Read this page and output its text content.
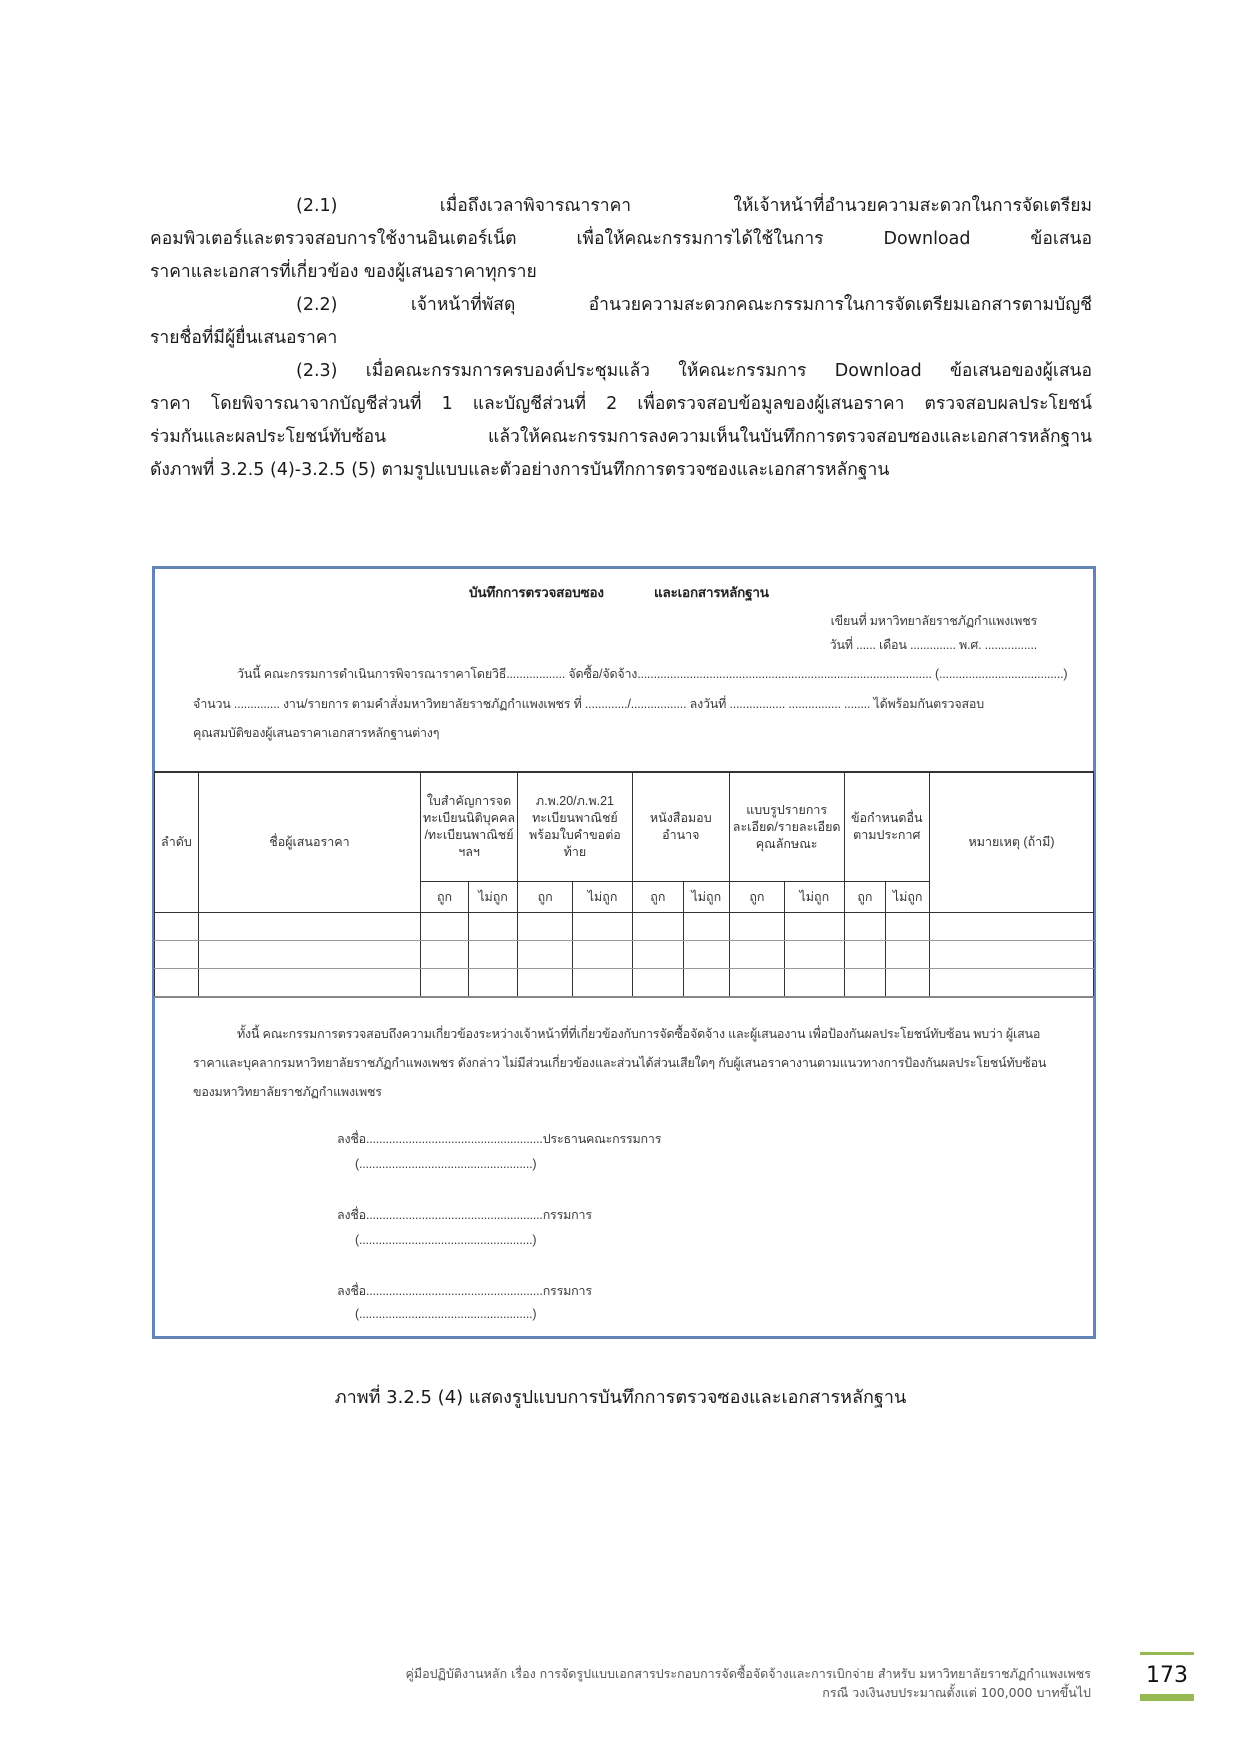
(2.1) เมื่อถึงเวลาพิจารณาราคา ให้เจ้าหน้าที่อำนวยความสะดวกในการจัดเตรียม
คอมพิวเตอร์และตรวจสอบการใช้งานอินเตอร์เน็ต เพื่อให้คณะกรรมการได้ใช้ในการ Download ข้อเสนอ
ราคาและเอกสารที่เกี่ยวข้อง ของผู้เสนอราคาทุกราย
(2.2) เจ้าหน้าที่พัสดุ อำนวยความสะดวกคณะกรรมการในการจัดเตรียมเอกสารตามบัญชี
รายชื่อที่มีผู้ยื่นเสนอราคา
(2.3) เมื่อคณะกรรมการครบองค์ประชุมแล้ว ให้คณะกรรมการ Download ข้อเสนอของผู้เสนอ
ราคา โดยพิจารณาจากบัญชีส่วนที่ 1 และบัญชีส่วนที่ 2 เพื่อตรวจสอบข้อมูลของผู้เสนอราคา ตรวจสอบผลประโยชน์
ร่วมกันและผลประโยชน์ทับซ้อน แล้วให้คณะกรรมการลงความเห็นในบันทึกการตรวจสอบซองและเอกสารหลักฐาน
ดังภาพที่ 3.2.5 (4)-3.2.5 (5) ตามรูปแบบและตัวอย่างการบันทึกการตรวจซองและเอกสารหลักฐาน
บันทึกการตรวจสอบซอง	และเอกสารหลักฐาน
เขียนที่ มหาวิทยาลัยราชภัฏกำแพงเพชร
วันที่ ...... เดือน .............. พ.ศ. ................
วันนี้ คณะกรรมการดำเนินการพิจารณาราคาโดยวิธี.................. จัดซื้อ/จัดจ้าง.......................................................................................... (......................................)
จำนวน .............. งาน/รายการ ตามคำสั่งมหาวิทยาลัยราชภัฏกำแพงเพชร ที่ ............./................. ลงวันที่ ................. ................ ........ ได้พร้อมกันตรวจสอบ
คุณสมบัติของผู้เสนอราคาเอกสารหลักฐานต่างๆ
ลำดับ	ชื่อผู้เสนอราคา	ใบสำคัญการจด ทะเบียนนิติบุคคล /ทะเบียนพาณิชย์ ฯลฯ		ภ.พ.20/ภ.พ.21 ทะเบียนพาณิชย์ พร้อมใบคำขอต่อท้าย		หนังสือมอบ อำนาจ		แบบรูปรายการ ละเอียด/รายละเอียด คุณลักษณะ		ข้อกำหนดอื่น ตามประกาศ		หมายเหตุ (ถ้ามี)
		ถูก	ไม่ถูก	ถูก	ไม่ถูก	ถูก	ไม่ถูก	ถูก	ไม่ถูก	ถูก	ไม่ถูก	

ทั้งนี้ คณะกรรมการตรวจสอบถึงความเกี่ยวข้องระหว่างเจ้าหน้าที่ที่เกี่ยวข้องกับการจัดซื้อจัดจ้าง และผู้เสนองาน เพื่อป้องกันผลประโยชน์ทับซ้อน พบว่า ผู้เสนอ
ราคาและบุคลากรมหาวิทยาลัยราชภัฏกำแพงเพชร ดังกล่าว ไม่มีส่วนเกี่ยวข้องและส่วนได้ส่วนเสียใดๆ กับผู้เสนอราคางานตามแนวทางการป้องกันผลประโยชน์ทับซ้อน
ของมหาวิทยาลัยราชภัฏกำแพงเพชร
ลงชื่อ......................................................ประธานคณะกรรมการ
(.....................................................)
ลงชื่อ......................................................กรรมการ
(.....................................................)
ลงชื่อ......................................................กรรมการ
(.....................................................)
ภาพที่ 3.2.5 (4) แสดงรูปแบบการบันทึกการตรวจซองและเอกสารหลักฐาน
คู่มือปฏิบัติงานหลัก เรื่อง การจัดรูปแบบเอกสารประกอบการจัดซื้อจัดจ้างและการเบิกจ่าย สำหรับ มหาวิทยาลัยราชภัฏกำแพงเพชร
กรณี วงเงินงบประมาณตั้งแต่ 100,000 บาทขึ้นไป
173
